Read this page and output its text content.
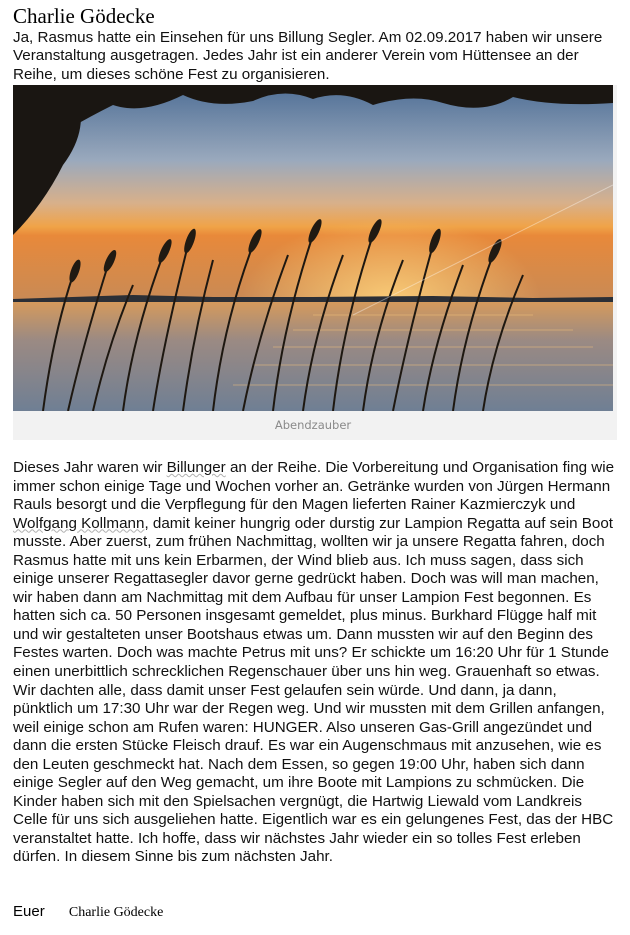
Charlie Gödecke

Ja, Rasmus hatte ein Einsehen für uns Billung Segler. Am 02.09.2017 haben wir unsere Veranstaltung ausgetragen. Jedes Jahr ist ein anderer Verein vom Hüttensee an der Reihe, um dieses schöne Fest zu organisieren.

Abendzauber

Dieses Jahr waren wir Billunger an der Reihe. Die Vorbereitung und Organisation fing wie immer schon einige Tage und Wochen vorher an. Getränke wurden von Jürgen Hermann Rauls besorgt und die Verpflegung für den Magen lieferten Rainer Kazmierczyk und Wolfgang Kollmann, damit keiner hungrig oder durstig zur Lampion Regatta auf sein Boot musste. Aber zuerst, zum frühen Nachmittag, wollten wir ja unsere Regatta fahren, doch Rasmus hatte mit uns kein Erbarmen, der Wind blieb aus. Ich muss sagen, dass sich einige unserer Regattasegler davor gerne gedrückt haben. Doch was will man machen, wir haben dann am Nachmittag mit dem Aufbau für unser Lampion Fest begonnen. Es hatten sich ca. 50 Personen insgesamt gemeldet, plus minus. Burkhard Flügge half mit und wir gestalteten unser Bootshaus etwas um. Dann mussten wir auf den Beginn des Festes warten. Doch was machte Petrus mit uns? Er schickte um 16:20 Uhr für 1 Stunde einen unerbittlich schrecklichen Regenschauer über uns hin weg. Grauenhaft so etwas. Wir dachten alle, dass damit unser Fest gelaufen sein würde. Und dann, ja dann, pünktlich um 17:30 Uhr war der Regen weg. Und wir mussten mit dem Grillen anfangen, weil einige schon am Rufen waren: HUNGER. Also unseren Gas-Grill angezündet und dann die ersten Stücke Fleisch drauf. Es war ein Augenschmaus mit anzusehen, wie es den Leuten geschmeckt hat. Nach dem Essen, so gegen 19:00 Uhr, haben sich dann einige Segler auf den Weg gemacht, um ihre Boote mit Lampions zu schmücken. Die Kinder haben sich mit den Spielsachen vergnügt, die Hartwig Liewald vom Landkreis Celle für uns sich ausgeliehen hatte. Eigentlich war es ein gelungenes Fest, das der HBC veranstaltet hatte. Ich hoffe, dass wir nächstes Jahr wieder ein so tolles Fest erleben dürfen. In diesem Sinne bis zum nächsten Jahr.

Euer Charlie Gödecke
